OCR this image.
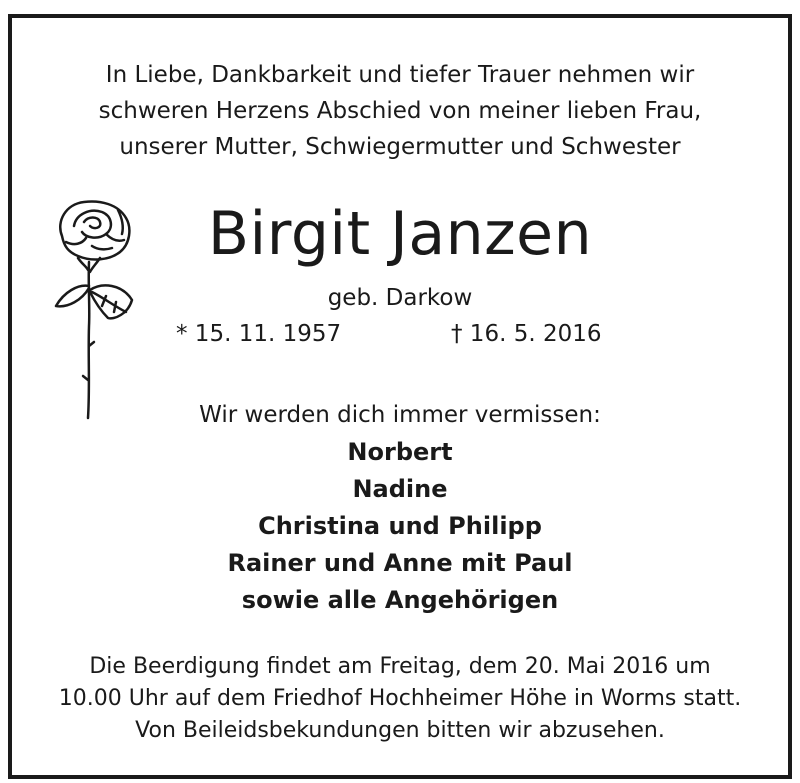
In Liebe, Dankbarkeit und tiefer Trauer nehmen wir
schweren Herzens Abschied von meiner lieben Frau,
unserer Mutter, Schwiegermutter und Schwester
Birgit Janzen
geb. Darkow
* 15. 11. 1957	† 16. 5. 2016
Wir werden dich immer vermissen:
Norbert
Nadine
Christina und Philipp
Rainer und Anne mit Paul
sowie alle Angehörigen
Die Beerdigung findet am Freitag, dem 20. Mai 2016 um
10.00 Uhr auf dem Friedhof Hochheimer Höhe in Worms statt.
Von Beileidsbekundungen bitten wir abzusehen.
